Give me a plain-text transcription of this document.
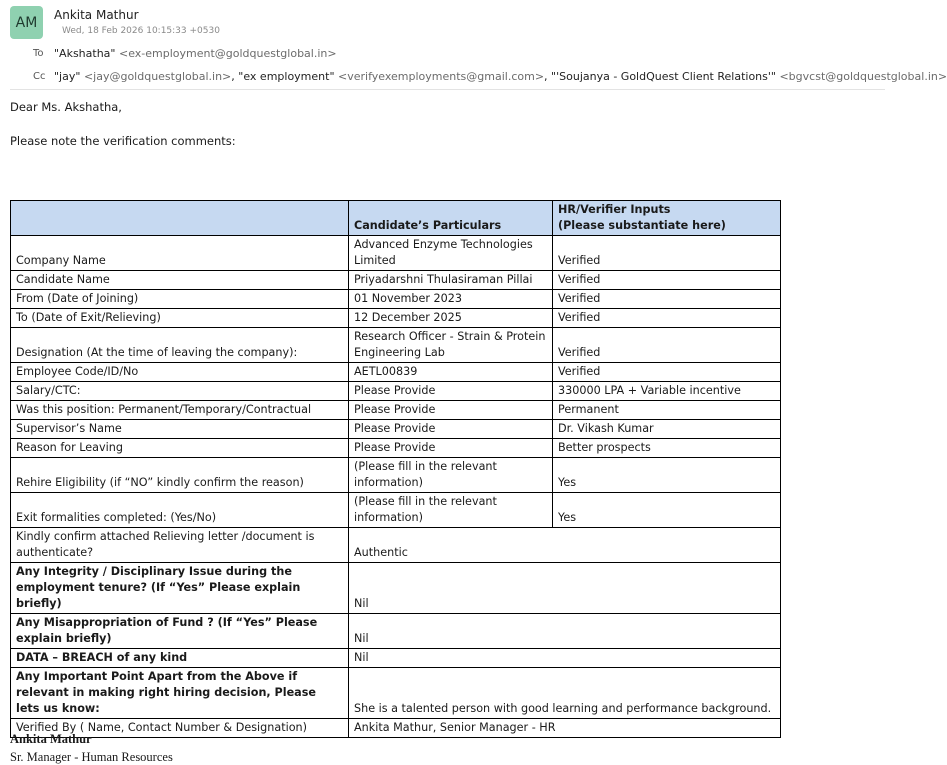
AM	Ankita Mathur
Wed, 18 Feb 2026 10:15:33 +0530
To "Akshatha" <ex-employment@goldquestglobal.in>
Cc "jay" <jay@goldquestglobal.in>, "ex employment" <verifyexemployments@gmail.com>, "'Soujanya - GoldQuest Client Relations'" <bgvcst@goldquestglobal.in>
Dear Ms. Akshatha,
Please note the verification comments:
	Candidate’s Particulars	HR/Verifier Inputs
(Please substantiate here)

Company Name	Advanced Enzyme Technologies Limited	Verified
Candidate Name	Priyadarshni Thulasiraman Pillai	Verified
From (Date of Joining)	01 November 2023	Verified
To (Date of Exit/Relieving)	12 December 2025	Verified
Designation (At the time of leaving the company):	Research Officer - Strain & Protein Engineering Lab	Verified
Employee Code/ID/No	AETL00839	Verified
Salary/CTC:	Please Provide	330000 LPA + Variable incentive
Was this position: Permanent/Temporary/Contractual	Please Provide	Permanent
Supervisor’s Name	Please Provide	Dr. Vikash Kumar
Reason for Leaving	Please Provide	Better prospects
Rehire Eligibility (if “NO” kindly confirm the reason)	(Please fill in the relevant information)	Yes
Exit formalities completed: (Yes/No)	(Please fill in the relevant information)	Yes
Kindly confirm attached Relieving letter /document is authenticate?	Authentic	
Any Integrity / Disciplinary Issue during the employment tenure? (If “Yes” Please explain briefly)	Nil	
Any Misappropriation of Fund ? (If “Yes” Please explain briefly)	Nil	
DATA – BREACH of any kind	Nil	
Any Important Point Apart from the Above if relevant in making right hiring decision, Please lets us know:	She is a talented person with good learning and performance background.	
Verified By ( Name, Contact Number & Designation)	Ankita Mathur, Senior Manager - HR	
Ankita Mathur
Sr. Manager - Human Resources
